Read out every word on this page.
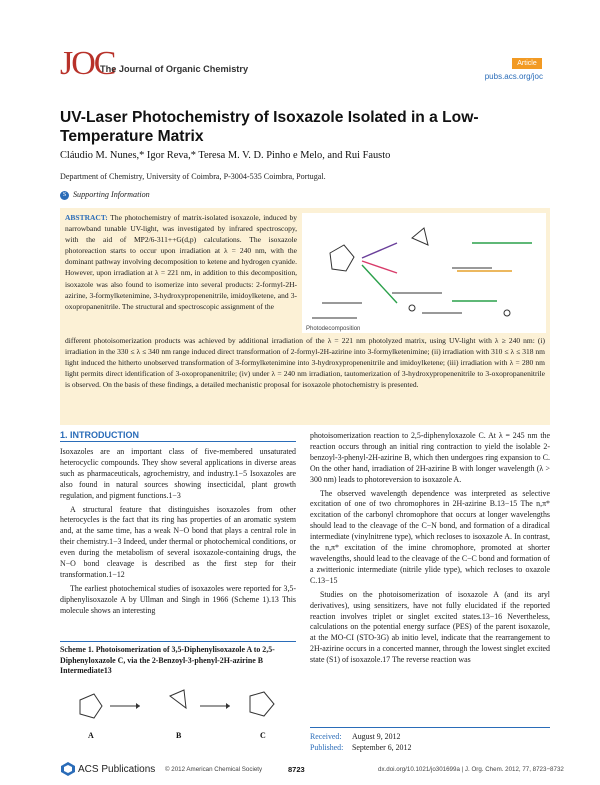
JOC
The Journal of Organic Chemistry
Article
pubs.acs.org/joc
UV-Laser Photochemistry of Isoxazole Isolated in a Low-Temperature Matrix
Cláudio M. Nunes,* Igor Reva,* Teresa M. V. D. Pinho e Melo, and Rui Fausto
Department of Chemistry, University of Coimbra, P-3004-535 Coimbra, Portugal.
S Supporting Information
ABSTRACT: The photochemistry of matrix-isolated isoxazole, induced by narrowband tunable UV-light, was investigated by infrared spectroscopy, with the aid of MP2/6-311++G(d,p) calculations. The isoxazole photoreaction starts to occur upon irradiation at λ = 240 nm, with the dominant pathway involving decomposition to ketene and hydrogen cyanide. However, upon irradiation at λ = 221 nm, in addition to this decomposition, isoxazole was also found to isomerize into several products: 2-formyl-2H-azirine, 3-formylketenimine, 3-hydroxypropenenitrile, imidoylketene, and 3-oxopropanenitrile. The structural and spectroscopic assignment of the
Photodecomposition
different photoisomerization products was achieved by additional irradiation of the λ = 221 nm photolyzed matrix, using UV-light with λ ≥ 240 nm: (i) irradiation in the 330 ≤ λ ≤ 340 nm range induced direct transformation of 2-formyl-2H-azirine into 3-formylketenimine; (ii) irradiation with 310 ≤ λ ≤ 318 nm light induced the hitherto unobserved transformation of 3-formylketenimine into 3-hydroxypropenenitrile and imidoylketene; (iii) irradiation with λ = 280 nm light permits direct identification of 3-oxopropanenitrile; (iv) under λ = 240 nm irradiation, tautomerization of 3-hydroxypropenenitrile to 3-oxopropanenitrile is observed. On the basis of these findings, a detailed mechanistic proposal for isoxazole photochemistry is presented.
1. INTRODUCTION

Isoxazoles are an important class of five-membered unsaturated heterocyclic compounds. They show several applications in diverse areas such as pharmaceuticals, agrochemistry, and industry.1−5 Isoxazoles are also found in natural sources showing insecticidal, plant growth regulation, and pigment functions.1−3

A structural feature that distinguishes isoxazoles from other heterocycles is the fact that its ring has properties of an aromatic system and, at the same time, has a weak N−O bond that plays a central role in their chemistry.1−3 Indeed, under thermal or photochemical conditions, or even during the metabolism of several isoxazole-containing drugs, the N−O bond cleavage is described as the first step for their transformation.1−12

The earliest photochemical studies of isoxazoles were reported for 3,5-diphenylisoxazole A by Ullman and Singh in 1966 (Scheme 1).13 This molecule shows an interesting

Scheme 1. Photoisomerization of 3,5-Diphenylisoxazole A to 2,5-Diphenyloxazole C, via the 2-Benzoyl-3-phenyl-2H-azirine B Intermediate13
A	B	C

photoisomerization reaction to 2,5-diphenyloxazole C. At λ = 245 nm the reaction occurs through an initial ring contraction to yield the isolable 2-benzoyl-3-phenyl-2H-azirine B, which then undergoes ring expansion to C. On the other hand, irradiation of 2H-azirine B with longer wavelength (λ > 300 nm) leads to photoreversion to isoxazole A.

The observed wavelength dependence was interpreted as selective excitation of one of two chromophores in 2H-azirine B.13−15 The n,π* excitation of the carbonyl chromophore that occurs at longer wavelengths should lead to the cleavage of the C−N bond, and formation of a diradical intermediate (vinylnitrene type), which recloses to isoxazole A. In contrast, the n,π* excitation of the imine chromophore, promoted at shorter wavelengths, should lead to the cleavage of the C−C bond and formation of a zwitterionic intermediate (nitrile ylide type), which recloses to oxazole C.13−15

Studies on the photoisomerization of isoxazole A (and its aryl derivatives), using sensitizers, have not fully elucidated if the reported reaction involves triplet or singlet excited states.13−16 Nevertheless, calculations on the potential energy surface (PES) of the parent isoxazole, at the MO-CI (STO-3G) ab initio level, indicate that the rearrangement to 2H-azirine occurs in a concerted manner, through the lowest singlet excited state (S1) of isoxazole.17 The reverse reaction was

Received: August 9, 2012
Published: September 6, 2012
ACS Publications © 2012 American Chemical Society	8723	dx.doi.org/10.1021/jo301699a | J. Org. Chem. 2012, 77, 8723−8732
